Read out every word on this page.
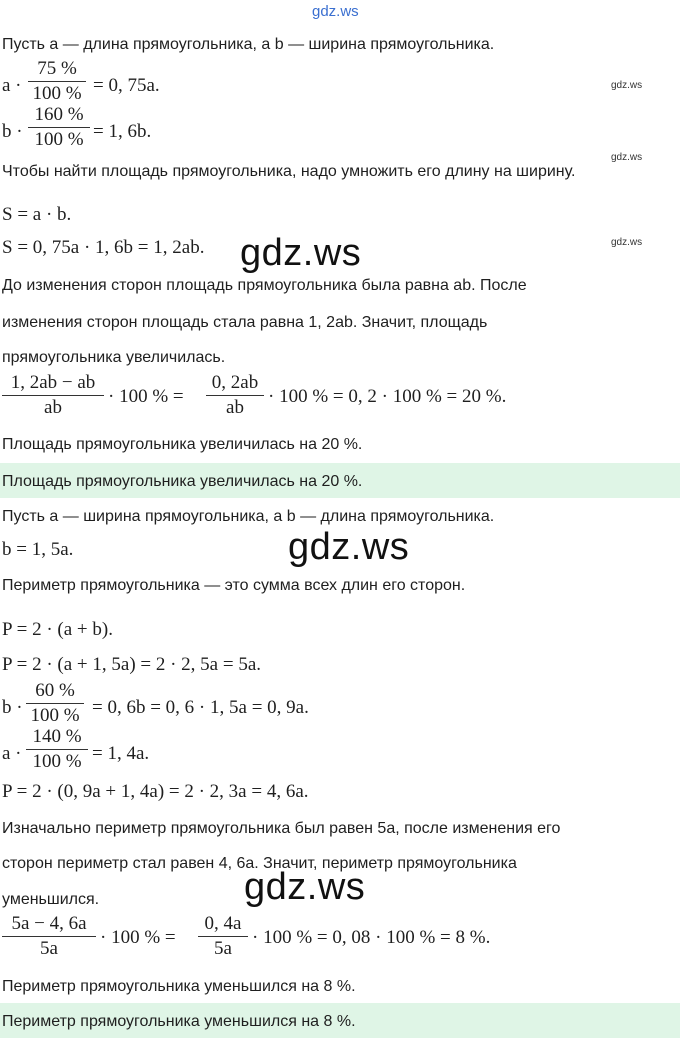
gdz.ws
Пусть a — длина прямоугольника, a b — ширина прямоугольника.
a ·
75 %
100 % = 0, 75a.	gdz.ws
b ·
160 %
100 % = 1, 6b.
gdz.ws
Чтобы найти площадь прямоугольника, надо умножить его длину на ширину.
S = a · b.
S = 0, 75a · 1, 6b = 1, 2ab.	gdz.ws
gdz.ws
До изменения сторон площадь прямоугольника была равна ab. После
изменения сторон площадь стала равна 1, 2ab. Значит, площадь
прямоугольника увеличилась.
1, 2ab − ab
ab
· 100 % =
0, 2ab
ab
· 100 % = 0, 2 · 100 % = 20 %.
Площадь прямоугольника увеличилась на 20 %.
Площадь прямоугольника увеличилась на 20 %.
Пусть a — ширина прямоугольника, a b — длина прямоугольника.
b = 1, 5a.	gdz.ws
Периметр прямоугольника — это сумма всех длин его сторон.
P = 2 · (a + b).
P = 2 · (a + 1, 5a) = 2 · 2, 5a = 5a.
b ·
60 %
100 % = 0, 6b = 0, 6 · 1, 5a = 0, 9a.
a ·
140 %
100 % = 1, 4a.
P = 2 · (0, 9a + 1, 4a) = 2 · 2, 3a = 4, 6a.
Изначально периметр прямоугольника был равен 5a, после изменения его
сторон периметр стал равен 4, 6a. Значит, периметр прямоугольника
уменьшился.	gdz.ws
5a − 4, 6a
5a
· 100 % =
0, 4a
5a
· 100 % = 0, 08 · 100 % = 8 %.
Периметр прямоугольника уменьшился на 8 %.
Периметр прямоугольника уменьшился на 8 %.
